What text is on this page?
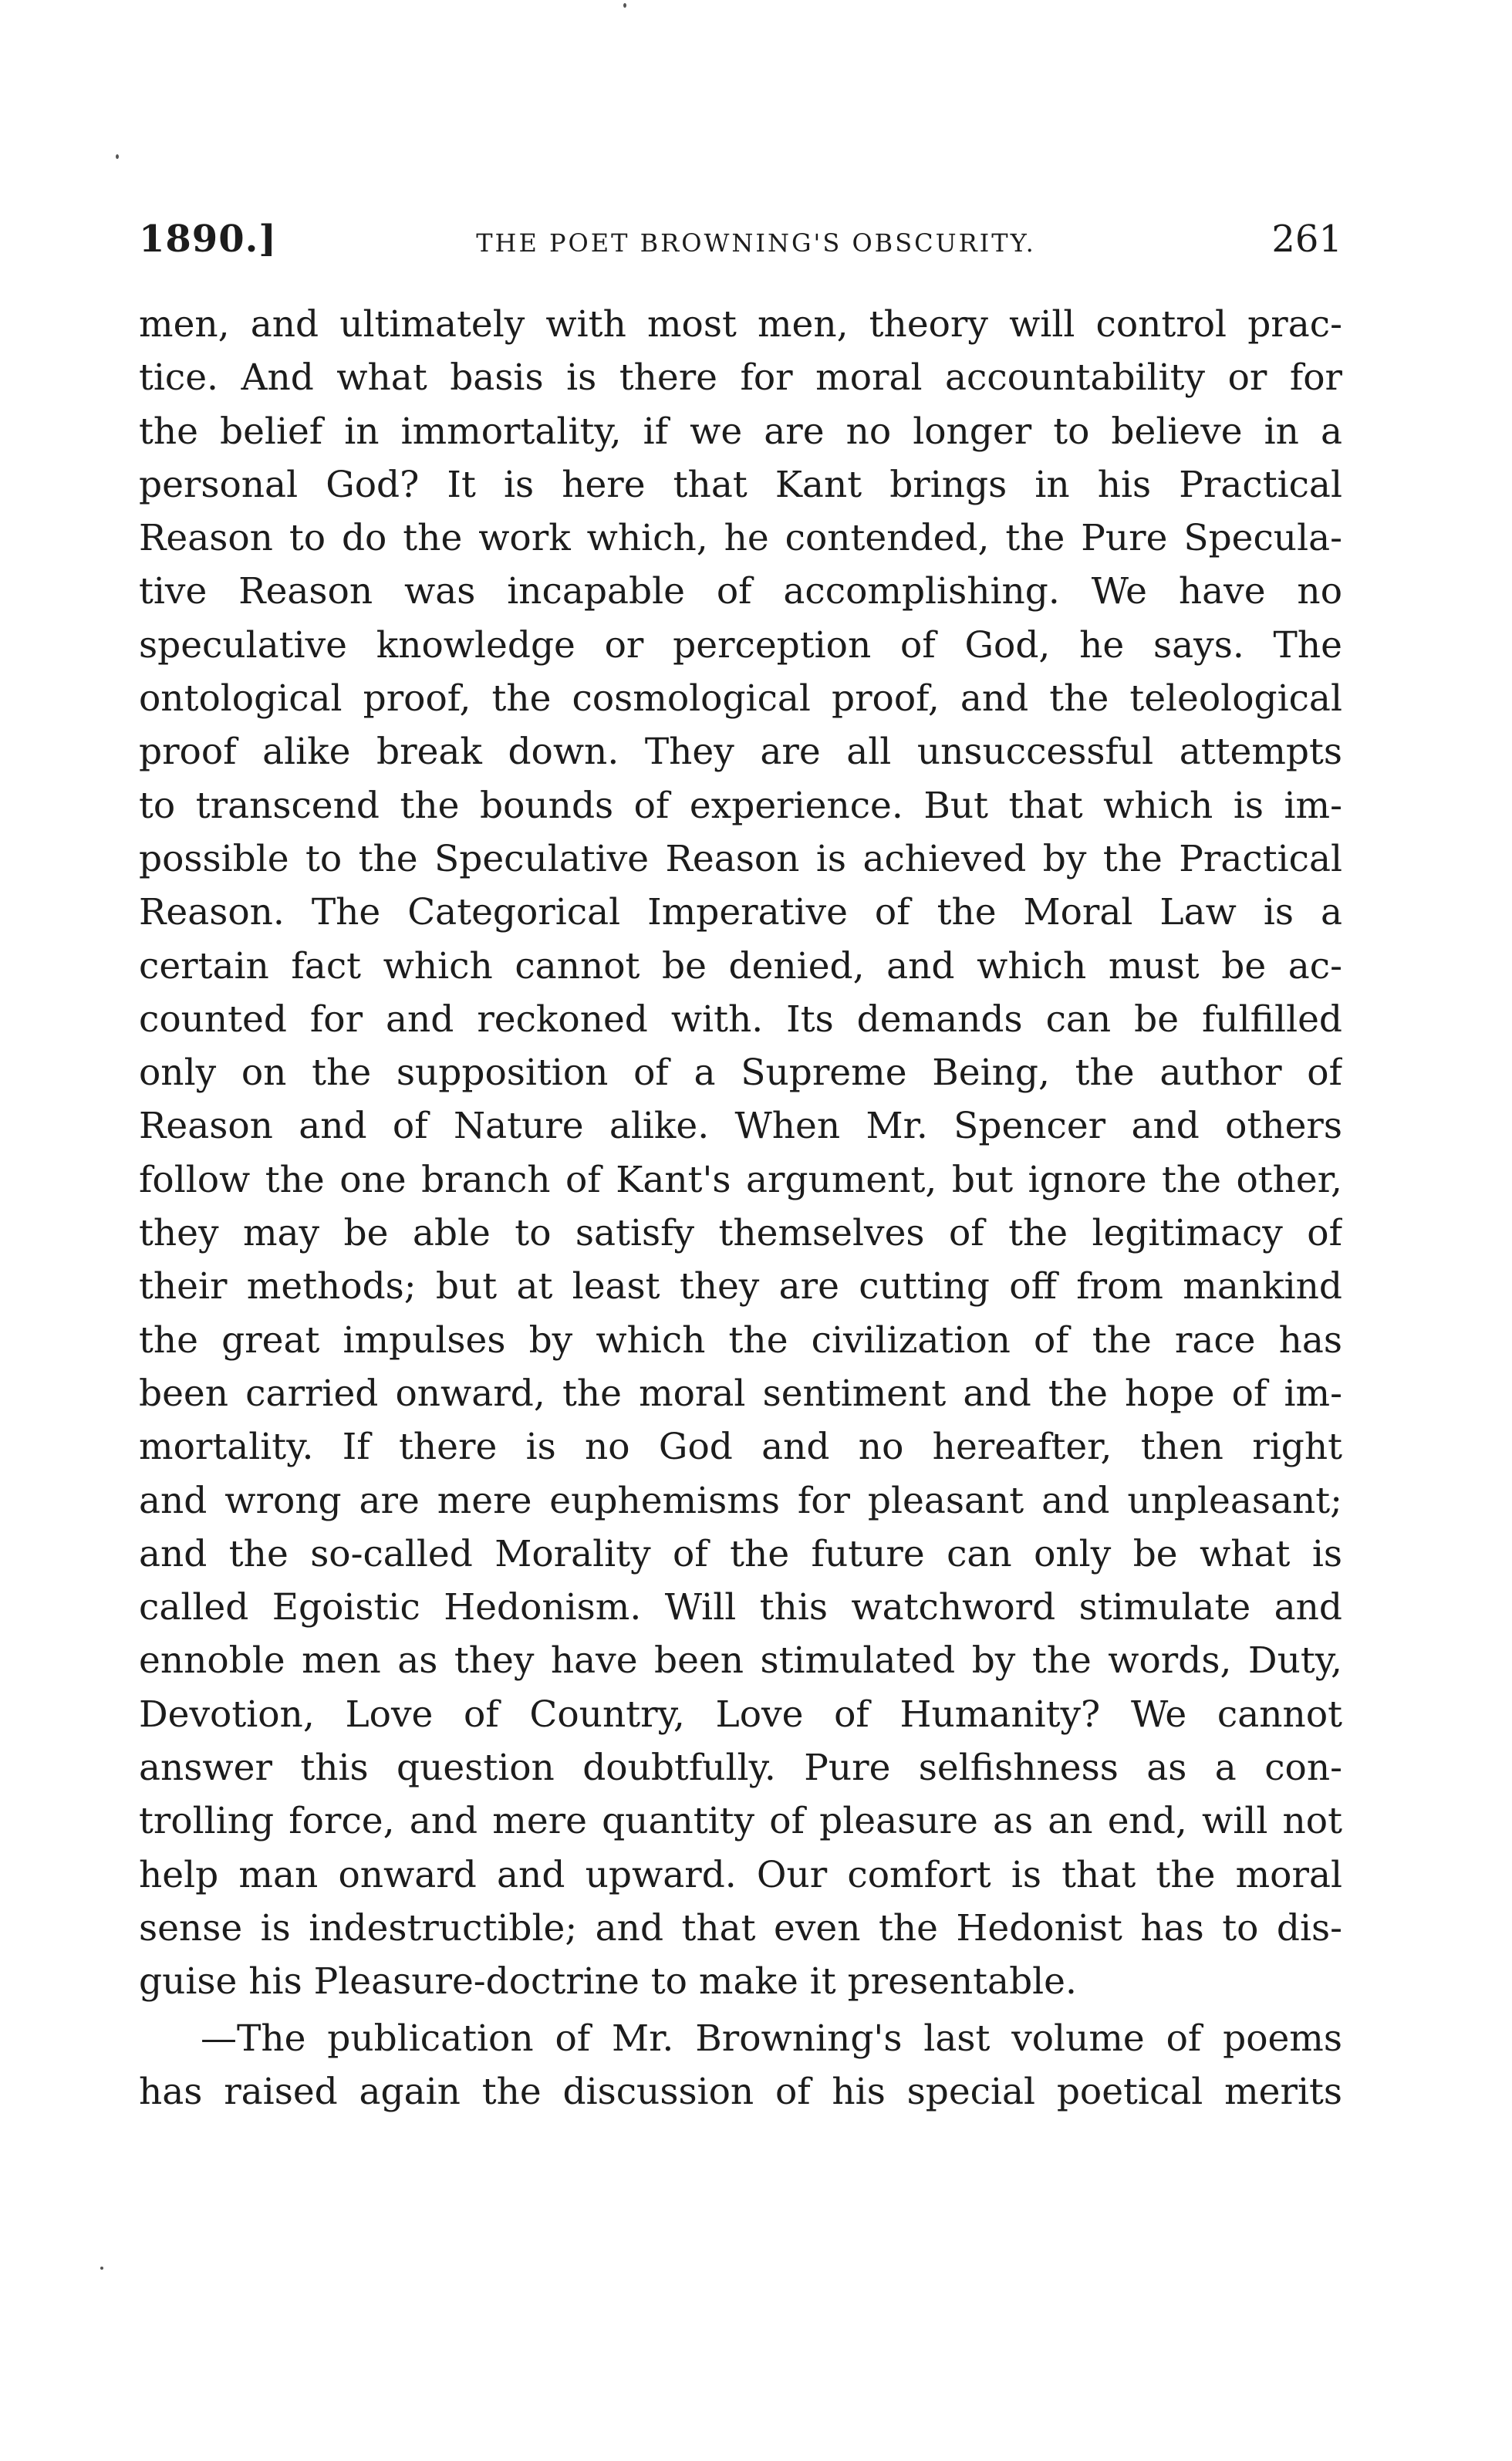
1890.]	THE POET BROWNING'S OBSCURITY.	261
men, and ultimately with most men, theory will control prac-
tice. And what basis is there for moral accountability or for
the belief in immortality, if we are no longer to believe in a
personal God? It is here that Kant brings in his Practical
Reason to do the work which, he contended, the Pure Specula-
tive Reason was incapable of accomplishing. We have no
speculative knowledge or perception of God, he says. The
ontological proof, the cosmological proof, and the teleological
proof alike break down. They are all unsuccessful attempts
to transcend the bounds of experience. But that which is im-
possible to the Speculative Reason is achieved by the Practical
Reason. The Categorical Imperative of the Moral Law is a
certain fact which cannot be denied, and which must be ac-
counted for and reckoned with. Its demands can be fulfilled
only on the supposition of a Supreme Being, the author of
Reason and of Nature alike. When Mr. Spencer and others
follow the one branch of Kant's argument, but ignore the other,
they may be able to satisfy themselves of the legitimacy of
their methods; but at least they are cutting off from mankind
the great impulses by which the civilization of the race has
been carried onward, the moral sentiment and the hope of im-
mortality. If there is no God and no hereafter, then right
and wrong are mere euphemisms for pleasant and unpleasant;
and the so-called Morality of the future can only be what is
called Egoistic Hedonism. Will this watchword stimulate and
ennoble men as they have been stimulated by the words, Duty,
Devotion, Love of Country, Love of Humanity? We cannot
answer this question doubtfully. Pure selfishness as a con-
trolling force, and mere quantity of pleasure as an end, will not
help man onward and upward. Our comfort is that the moral
sense is indestructible; and that even the Hedonist has to dis-
guise his Pleasure-doctrine to make it presentable.
—The publication of Mr. Browning's last volume of poems
has raised again the discussion of his special poetical merits
